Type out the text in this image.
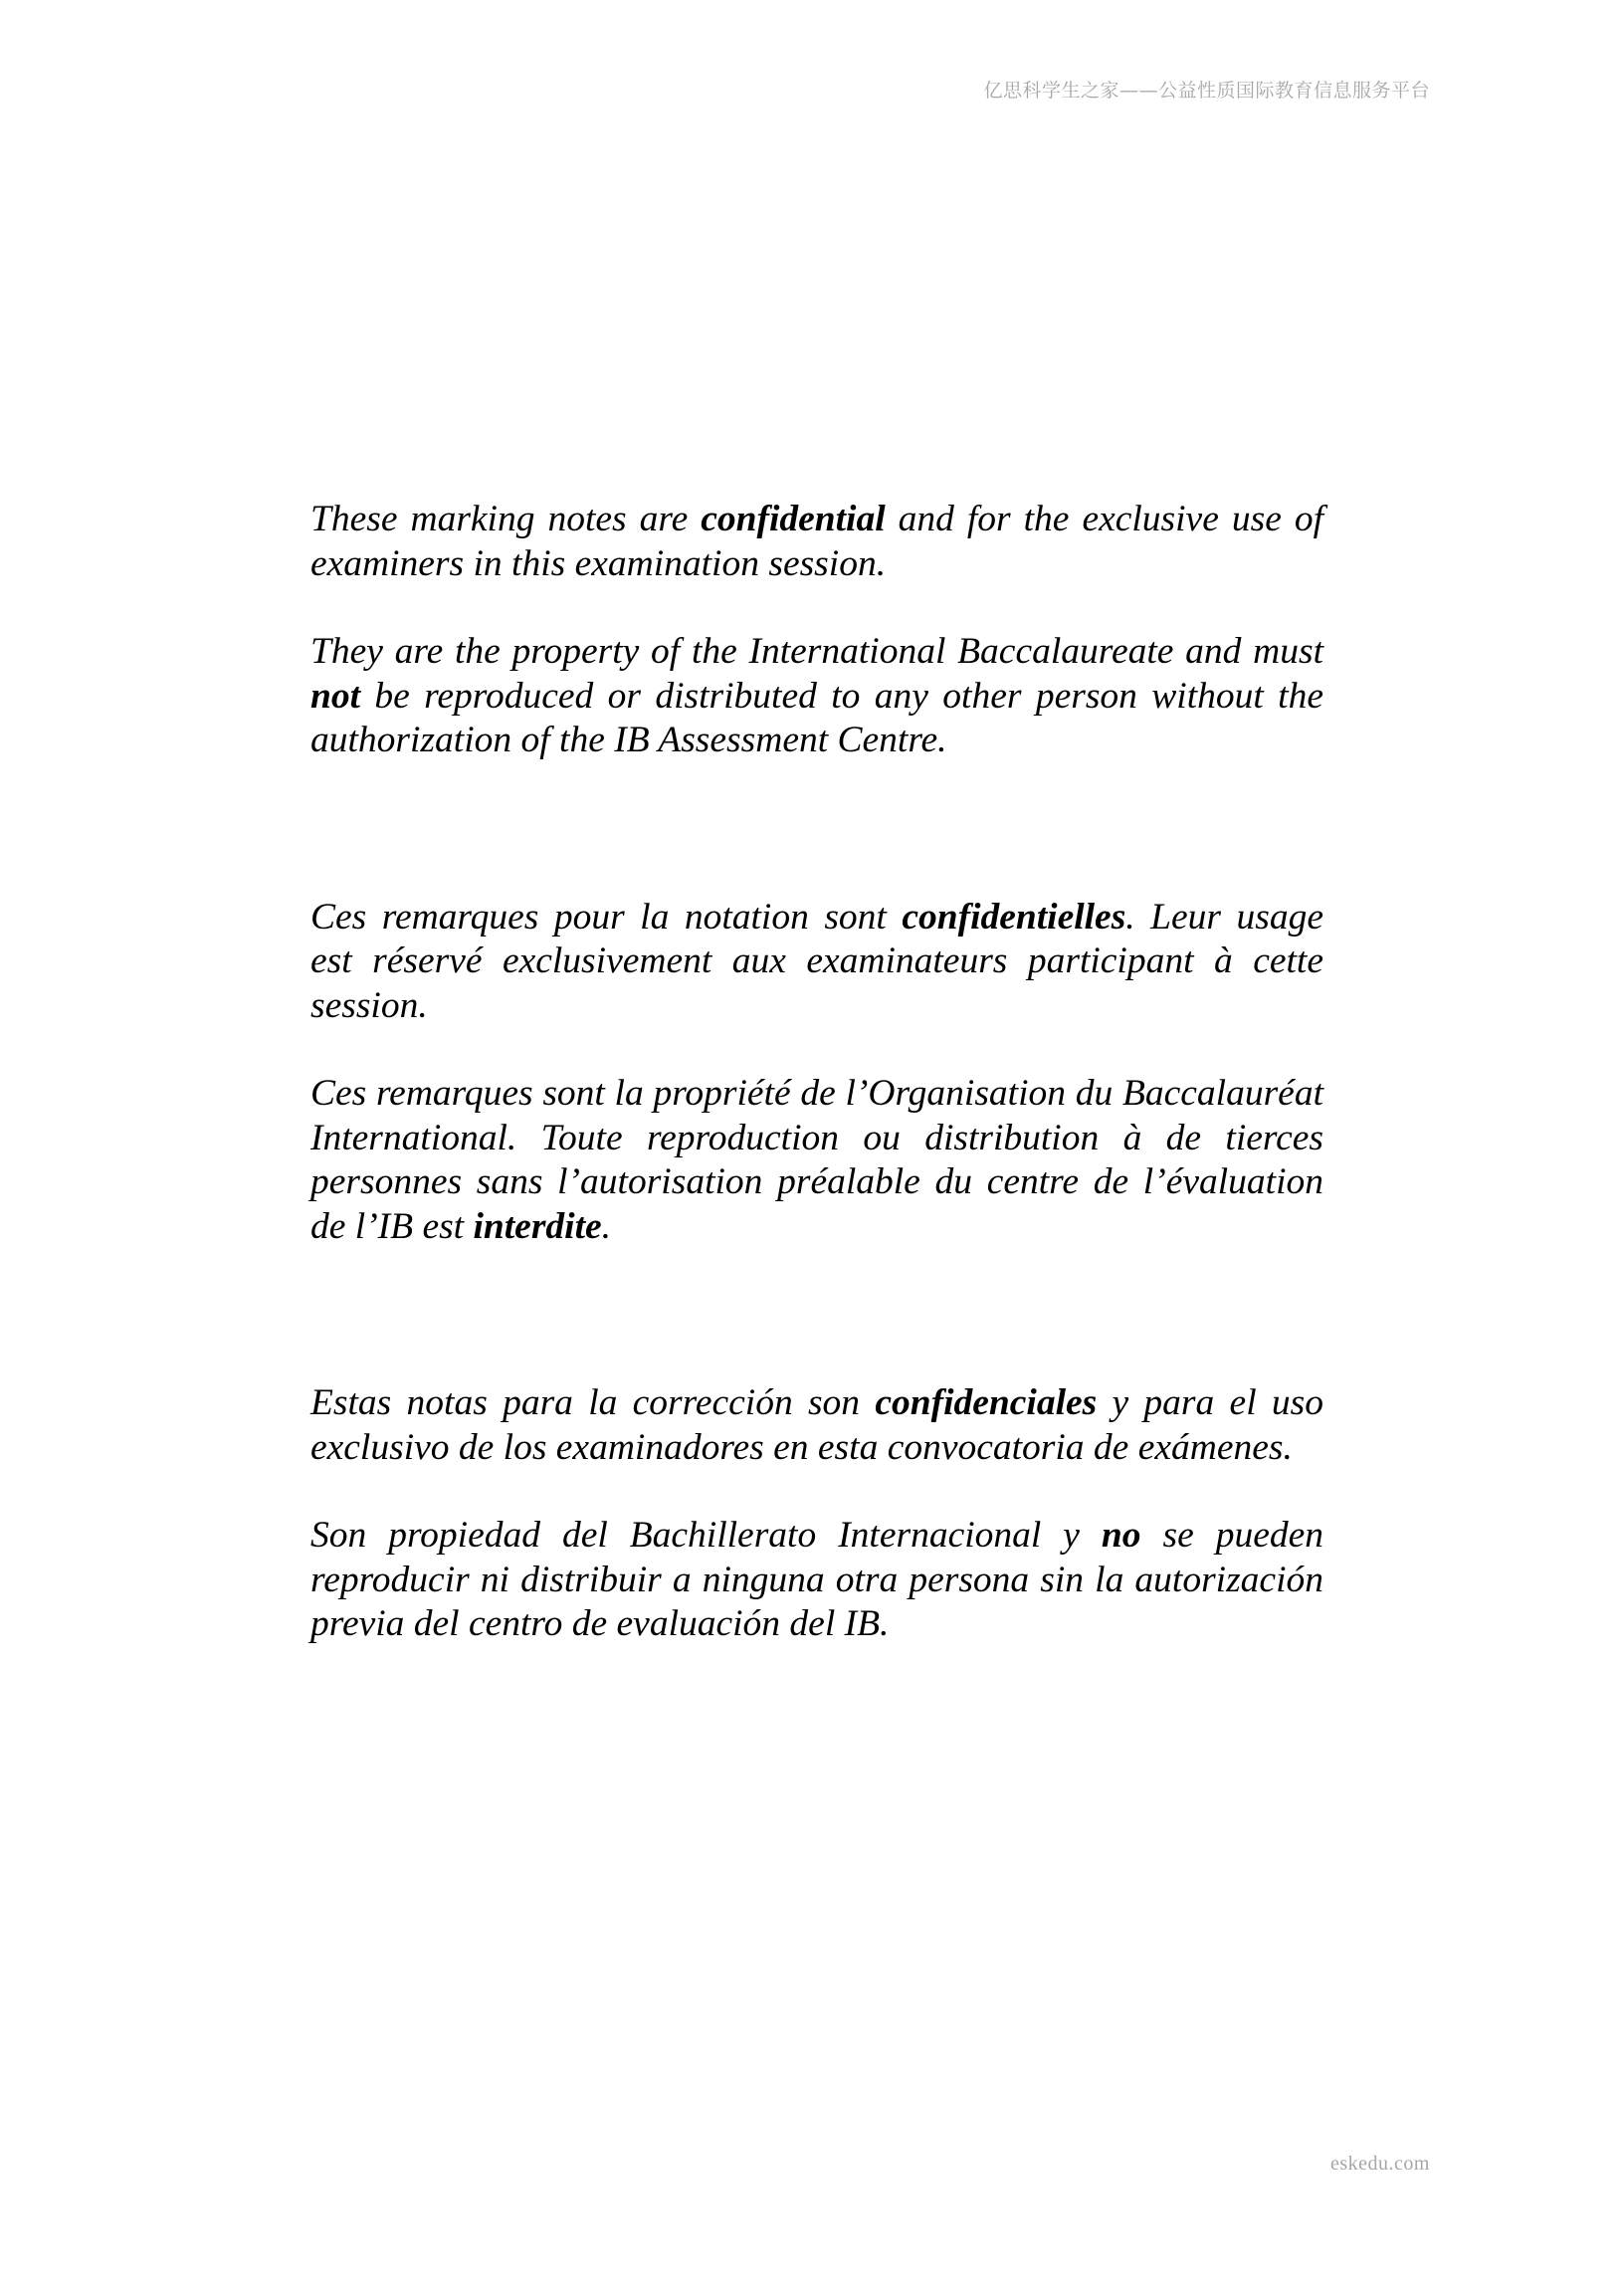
亿思科学生之家——公益性质国际教育信息服务平台

These marking notes are confidential and for the exclusive use of examiners in this examination session.

They are the property of the International Baccalaureate and must not be reproduced or distributed to any other person without the authorization of the IB Assessment Centre.

Ces remarques pour la notation sont confidentielles. Leur usage est réservé exclusivement aux examinateurs participant à cette session.

Ces remarques sont la propriété de l’Organisation du Baccalauréat International. Toute reproduction ou distribution à de tierces personnes sans l’autorisation préalable du centre de l’évaluation de l’IB est interdite.

Estas notas para la corrección son confidenciales y para el uso exclusivo de los examinadores en esta convocatoria de exámenes.

Son propiedad del Bachillerato Internacional y no se pueden reproducir ni distribuir a ninguna otra persona sin la autorización previa del centro de evaluación del IB.

eskedu.com
